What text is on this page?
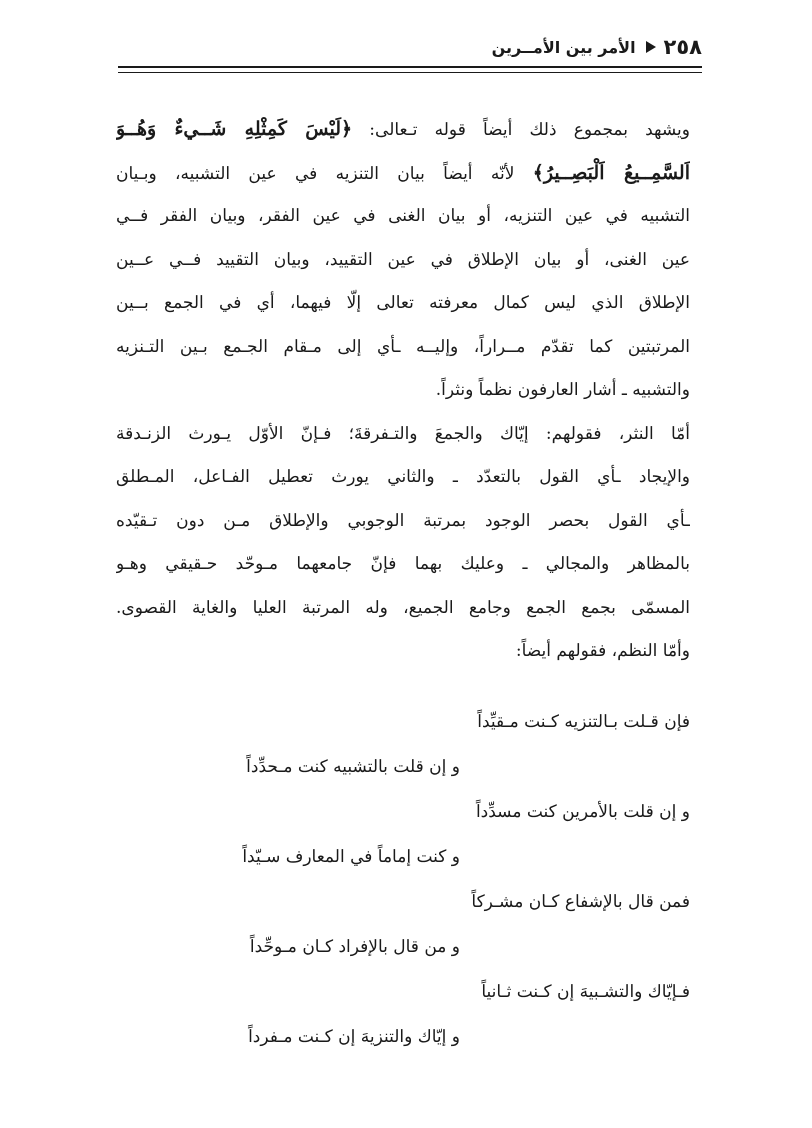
٢٥٨
الأمر بين الأمــرين
ويشهد بمجموع ذلك أيضاً قوله تـعالى: ﴿لَيْسَ كَمِثْلِهِ شَــيءٌ وَهُــوَ
اَلسَّمِــيعُ اَلْبَصِــيرُ﴾ لأنّه أيضاً بيان التنزيه في عين التشبيه، وبـيان
التشبيه في عين التنزيه، أو بيان الغنى في عين الفقر، وبيان الفقر فــي
عين الغنى، أو بيان الإطلاق في عين التقييد، وبيان التقييد فــي عــين
الإطلاق الذي ليس كمال معرفته تعالى إلّا فيهما، أي في الجمع بــين
المرتبتين كما تقدّم مــراراً، وإليــه ـأي إلى مـقام الجـمع بـين التـنزيه
والتشبيه ـ أشار العارفون نظماً ونثراً.
أمّا النثر، فقولهم: إيّاك والجمعَ والتـفرقةَ؛ فـإنّ الأوّل يـورث الزنـدقة
والإيجاد ـأي القول بالتعدّد ـ والثاني يورث تعطيل الفـاعل، المـطلق
ـأي القول بحصر الوجود بمرتبة الوجوبي والإطلاق مـن دون تـقيّده
بالمظاهر والمجالي ـ وعليك بهما فإنّ جامعهما مـوحّد حـقيقي وهـو
المسمّى بجمع الجمع وجامع الجميع، وله المرتبة العليا والغاية القصوى.
وأمّا النظم، فقولهم أيضاً:
فإن قـلت بـالتنزيه كـنت مـقيِّداً
و إن قلت بالتشبيه كنت مـحدِّداً
و إن قلت بالأمرين كنت مسدِّداً
و كنت إماماً في المعارف سـيّداً
فمن قال بالإشفاع كـان مشـركاً
و من قال بالإفراد كـان مـوحِّداً
فـإيّاك والتشـبيهَ إن كـنت ثـانياً
و إيّاك والتنزيهَ إن كـنت مـفرداً
